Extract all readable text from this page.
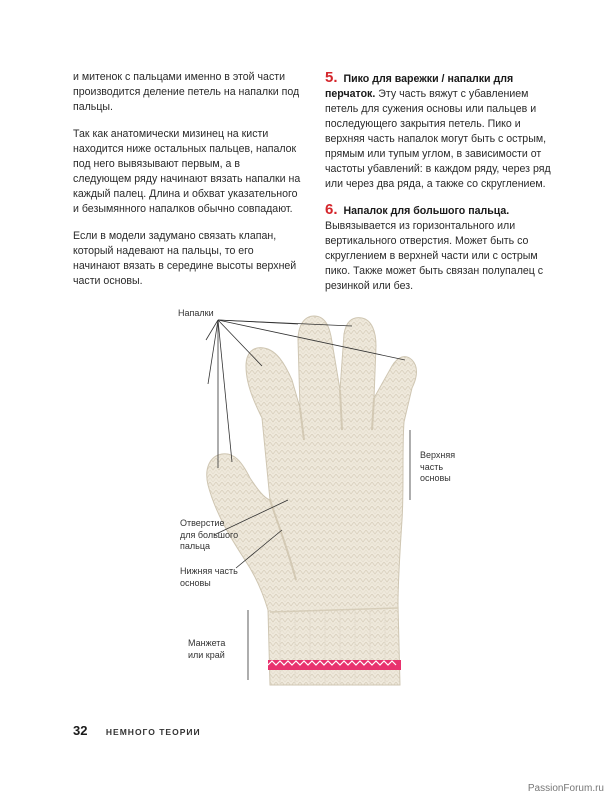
и митенок с пальцами именно в этой части производится деление петель на напалки под пальцы.

Так как анатомически мизинец на кисти находится ниже остальных пальцев, напалок под него вывязывают первым, а в следующем ряду начинают вязать напалки на каждый палец. Длина и обхват указательного и безымянного напалков обычно совпадают.

Если в модели задумано связать клапан, который надевают на пальцы, то его начинают вязать в середине высоты верхней части основы.

5. Пико для варежки / напалки для перчаток. Эту часть вяжут с убавлением петель для сужения основы или пальцев и последующего закрытия петель. Пико и верхняя часть напалок могут быть с острым, прямым или тупым углом, в зависимости от частоты убавлений: в каждом ряду, через ряд или через два ряда, а также со скруглением.
6. Напалок для большого пальца. Вывязывается из горизонтального или вертикального отверстия. Может быть со скруглением в верхней части или с острым пико. Также может быть связан полупалец с резинкой или без.
Напалки
Верхняя
часть
основы
Отверстие
для большого
пальца
Нижняя часть
основы
Манжета
или край
32 НЕМНОГО ТЕОРИИ
PassionForum.ru
